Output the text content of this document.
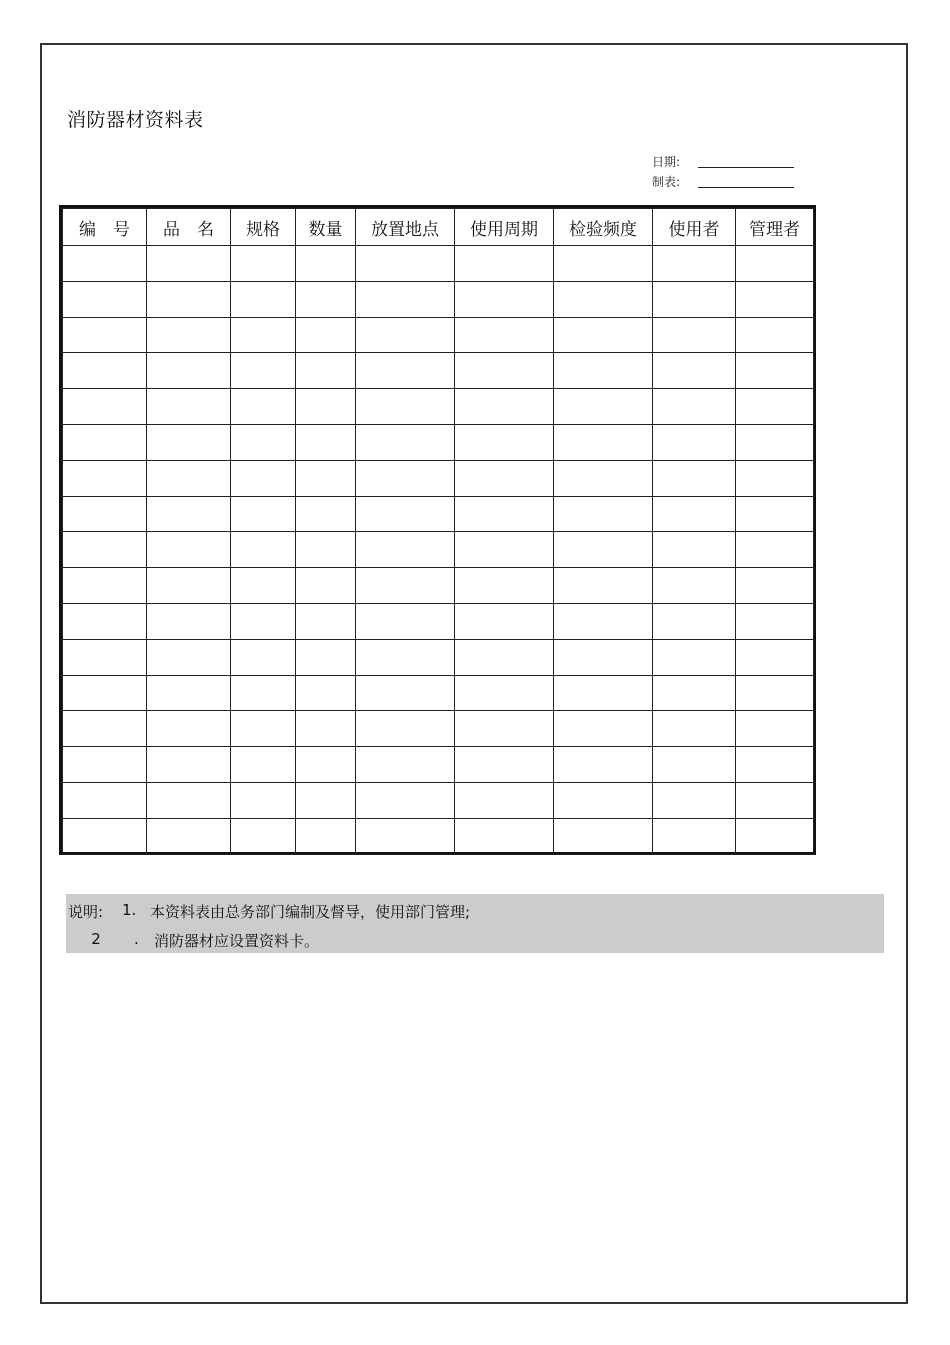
消防器材资料表
日期:
制表:
编　号	品　名	规格	数量	放置地点	使用周期	检验频度	使用者	管理者

说明:	1. 本资料表由总务部门编制及督导，使用部门管理;
2	.	消防器材应设置资料卡。
